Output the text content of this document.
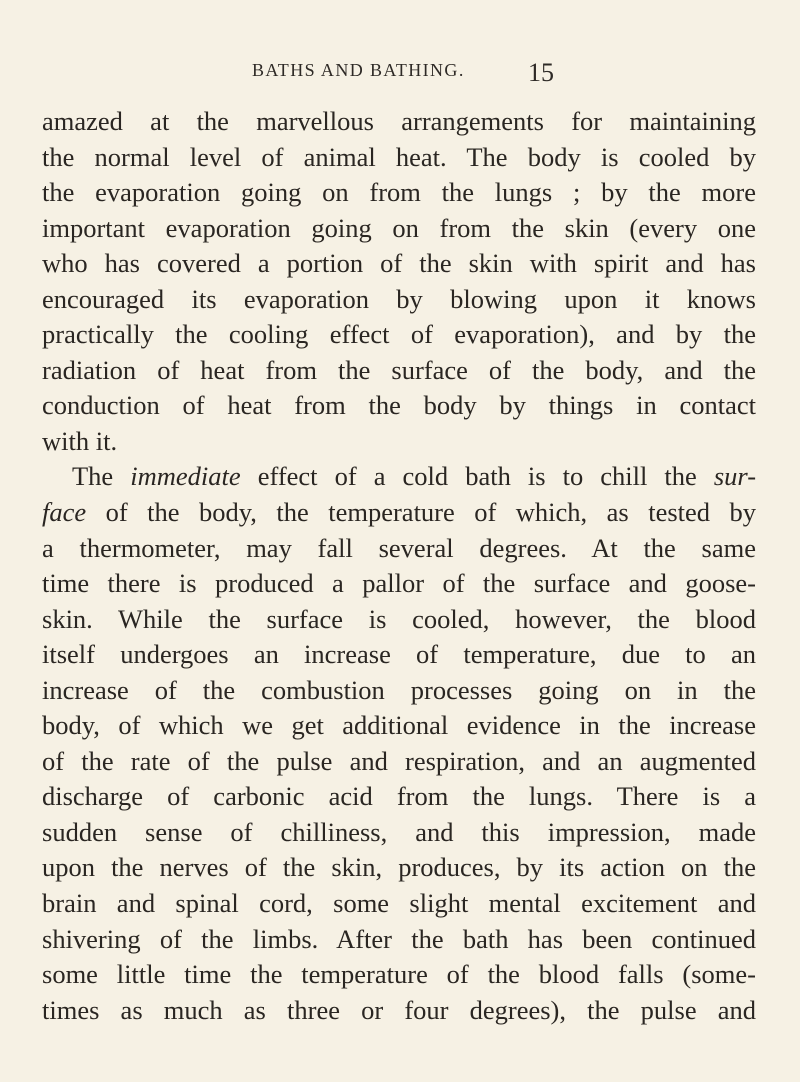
BATHS AND BATHING. 15
amazed at the marvellous arrangements for maintaining
the normal level of animal heat. The body is cooled by
the evaporation going on from the lungs ; by the more
important evaporation going on from the skin (every one
who has covered a portion of the skin with spirit and has
encouraged its evaporation by blowing upon it knows
practically the cooling effect of evaporation), and by the
radiation of heat from the surface of the body, and the
conduction of heat from the body by things in contact
with it.
The immediate effect of a cold bath is to chill the sur-
face of the body, the temperature of which, as tested by
a thermometer, may fall several degrees. At the same
time there is produced a pallor of the surface and goose-
skin. While the surface is cooled, however, the blood
itself undergoes an increase of temperature, due to an
increase of the combustion processes going on in the
body, of which we get additional evidence in the increase
of the rate of the pulse and respiration, and an augmented
discharge of carbonic acid from the lungs. There is a
sudden sense of chilliness, and this impression, made
upon the nerves of the skin, produces, by its action on the
brain and spinal cord, some slight mental excitement and
shivering of the limbs. After the bath has been continued
some little time the temperature of the blood falls (some-
times as much as three or four degrees), the pulse and
